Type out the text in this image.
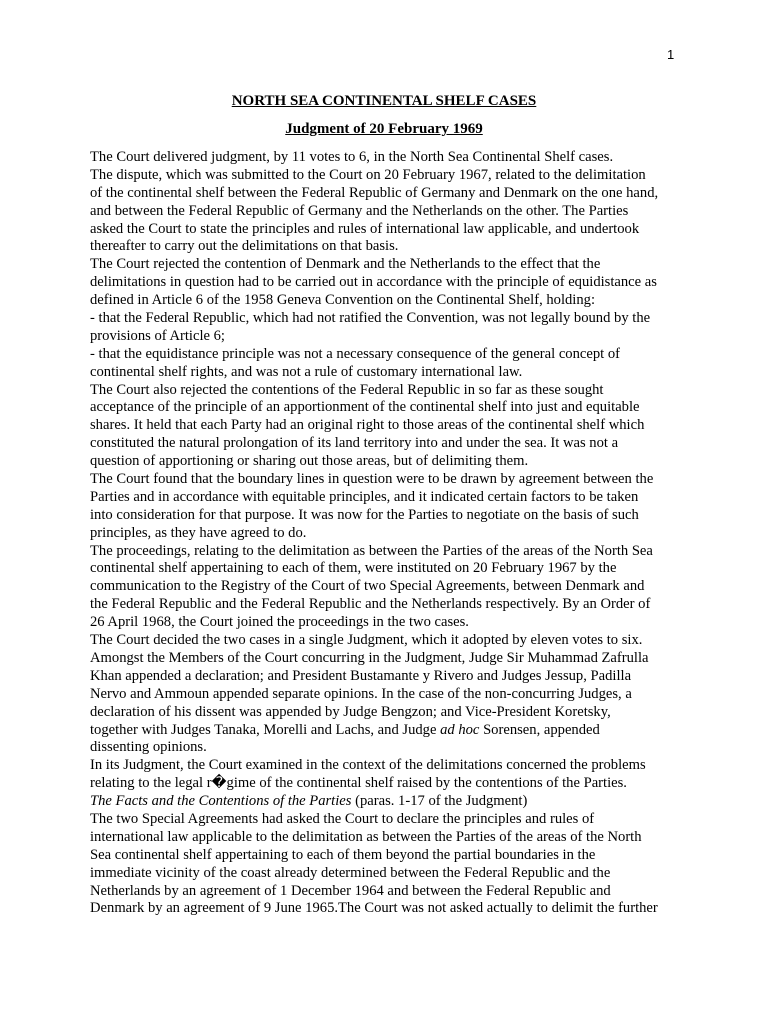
1
NORTH SEA CONTINENTAL SHELF CASES
Judgment of 20 February 1969
The Court delivered judgment, by 11 votes to 6, in the North Sea Continental Shelf cases.
The dispute, which was submitted to the Court on 20 February 1967, related to the delimitation
of the continental shelf between the Federal Republic of Germany and Denmark on the one hand,
and between the Federal Republic of Germany and the Netherlands on the other. The Parties
asked the Court to state the principles and rules of international law applicable, and undertook
thereafter to carry out the delimitations on that basis.
The Court rejected the contention of Denmark and the Netherlands to the effect that the
delimitations in question had to be carried out in accordance with the principle of equidistance as
defined in Article 6 of the 1958 Geneva Convention on the Continental Shelf, holding:
- that the Federal Republic, which had not ratified the Convention, was not legally bound by the
provisions of Article 6;
- that the equidistance principle was not a necessary consequence of the general concept of
continental shelf rights, and was not a rule of customary international law.
The Court also rejected the contentions of the Federal Republic in so far as these sought
acceptance of the principle of an apportionment of the continental shelf into just and equitable
shares. It held that each Party had an original right to those areas of the continental shelf which
constituted the natural prolongation of its land territory into and under the sea. It was not a
question of apportioning or sharing out those areas, but of delimiting them.
The Court found that the boundary lines in question were to be drawn by agreement between the
Parties and in accordance with equitable principles, and it indicated certain factors to be taken
into consideration for that purpose. It was now for the Parties to negotiate on the basis of such
principles, as they have agreed to do.
The proceedings, relating to the delimitation as between the Parties of the areas of the North Sea
continental shelf appertaining to each of them, were instituted on 20 February 1967 by the
communication to the Registry of the Court of two Special Agreements, between Denmark and
the Federal Republic and the Federal Republic and the Netherlands respectively. By an Order of
26 April 1968, the Court joined the proceedings in the two cases.
The Court decided the two cases in a single Judgment, which it adopted by eleven votes to six.
Amongst the Members of the Court concurring in the Judgment, Judge Sir Muhammad Zafrulla
Khan appended a declaration; and President Bustamante y Rivero and Judges Jessup, Padilla
Nervo and Ammoun appended separate opinions. In the case of the non-concurring Judges, a
declaration of his dissent was appended by Judge Bengzon; and Vice-President Koretsky,
together with Judges Tanaka, Morelli and Lachs, and Judge ad hoc Sorensen, appended
dissenting opinions.
In its Judgment, the Court examined in the context of the delimitations concerned the problems
relating to the legal r�gime of the continental shelf raised by the contentions of the Parties.
The Facts and the Contentions of the Parties (paras. 1-17 of the Judgment)
The two Special Agreements had asked the Court to declare the principles and rules of
international law applicable to the delimitation as between the Parties of the areas of the North
Sea continental shelf appertaining to each of them beyond the partial boundaries in the
immediate vicinity of the coast already determined between the Federal Republic and the
Netherlands by an agreement of 1 December 1964 and between the Federal Republic and
Denmark by an agreement of 9 June 1965.The Court was not asked actually to delimit the further
